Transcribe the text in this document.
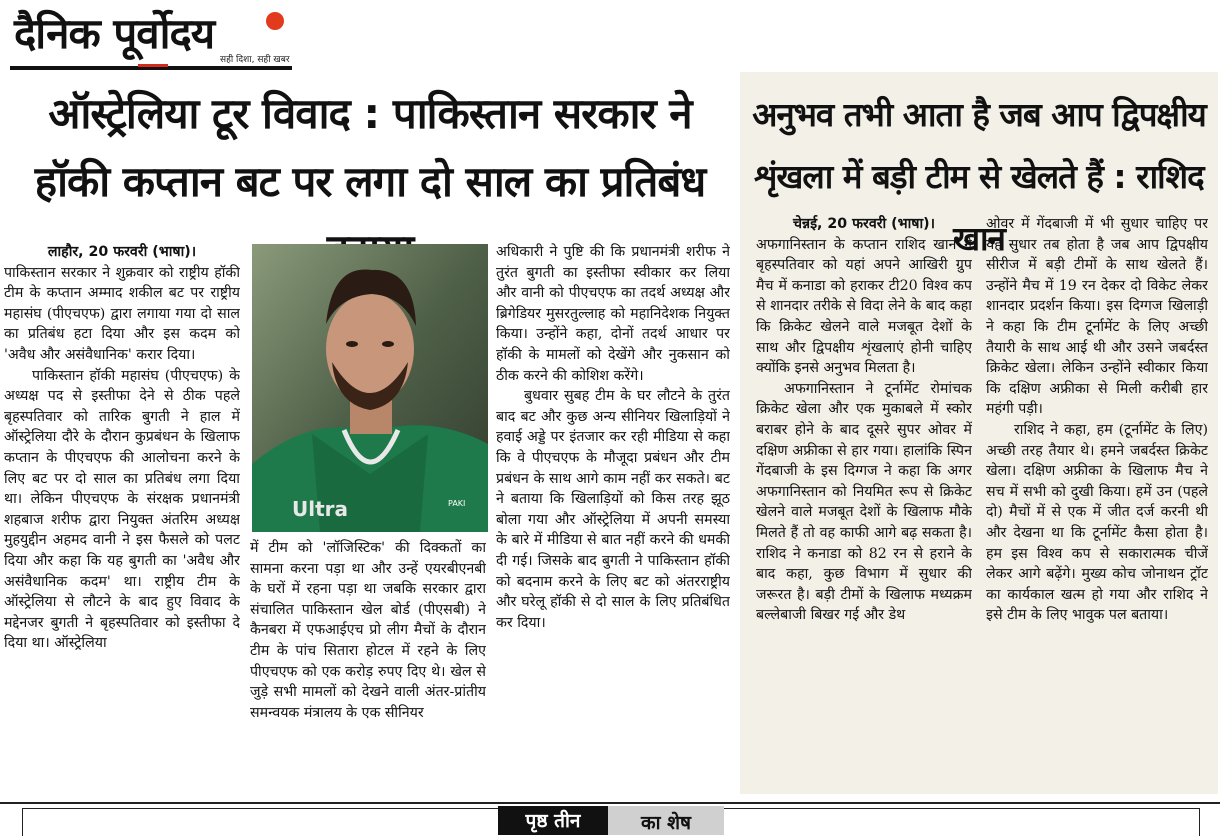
दैनिक पूर्वोदय
सही दिशा, सही खबर
ऑस्ट्रेलिया टूर विवाद : पाकिस्तान सरकार ने
हॉकी कप्तान बट पर लगा दो साल का प्रतिबंध

लाहौर, 20 फरवरी (भाषा)।

पाकिस्तान सरकार ने शुक्रवार को राष्ट्रीय हॉकी टीम के कप्तान अम्माद शकील बट पर राष्ट्रीय महासंघ (पीएचएफ) द्वारा लगाया गया दो साल का प्रतिबंध हटा दिया और इस कदम को 'अवैध और असंवैधानिक' करार दिया।

पाकिस्तान हॉकी महासंघ (पीएचएफ) के अध्यक्ष पद से इस्तीफा देने से ठीक पहले बृहस्पतिवार को तारिक बुगती ने हाल में ऑस्ट्रेलिया दौरे के दौरान कुप्रबंधन के खिलाफ कप्तान के पीएचएफ की आलोचना करने के लिए बट पर दो साल का प्रतिबंध लगा दिया था। लेकिन पीएचएफ के संरक्षक प्रधानमंत्री शहबाज शरीफ द्वारा नियुक्त अंतरिम अध्यक्ष मुहयुद्दीन अहमद वानी ने इस फैसले को पलट दिया और कहा कि यह बुगती का 'अवैध और असंवैधानिक कदम' था। राष्ट्रीय टीम के ऑस्ट्रेलिया से लौटने के बाद हुए विवाद के मद्देनजर बुगती ने बृहस्पतिवार को इस्तीफा दे दिया था। ऑस्ट्रेलिया

Ultra	PAKI

में टीम को 'लॉजिस्टिक' की दिक्कतों का सामना करना पड़ा था और उन्हें एयरबीएनबी के घरों में रहना पड़ा था जबकि सरकार द्वारा संचालित पाकिस्तान खेल बोर्ड (पीएसबी) ने कैनबरा में एफआईएच प्रो लीग मैचों के दौरान टीम के पांच सितारा होटल में रहने के लिए पीएचएफ को एक करोड़ रुपए दिए थे। खेल से जुड़े सभी मामलों को देखने वाली अंतर-प्रांतीय समन्वयक मंत्रालय के एक सीनियर

अधिकारी ने पुष्टि की कि प्रधानमंत्री शरीफ ने तुरंत बुगती का इस्तीफा स्वीकार कर लिया और वानी को पीएचएफ का तदर्थ अध्यक्ष और ब्रिगेडियर मुसरतुल्लाह को महानिदेशक नियुक्त किया। उन्होंने कहा, दोनों तदर्थ आधार पर हॉकी के मामलों को देखेंगे और नुकसान को ठीक करने की कोशिश करेंगे।

बुधवार सुबह टीम के घर लौटने के तुरंत बाद बट और कुछ अन्य सीनियर खिलाड़ियों ने हवाई अड्डे पर इंतजार कर रही मीडिया से कहा कि वे पीएचएफ के मौजूदा प्रबंधन और टीम प्रबंधन के साथ आगे काम नहीं कर सकते। बट ने बताया कि खिलाड़ियों को किस तरह झूठ बोला गया और ऑस्ट्रेलिया में अपनी समस्या के बारे में मीडिया से बात नहीं करने की धमकी दी गई। जिसके बाद बुगती ने पाकिस्तान हॉकी को बदनाम करने के लिए बट को अंतरराष्ट्रीय और घरेलू हॉकी से दो साल के लिए प्रतिबंधित कर दिया।

अनुभव तभी आता है जब आप द्विपक्षीय
शृंखला में बड़ी टीम से खेलते हैं : राशिद खान

चेन्नई, 20 फरवरी (भाषा)।

अफगानिस्तान के कप्तान राशिद खान ने बृहस्पतिवार को यहां अपने आखिरी ग्रुप मैच में कनाडा को हराकर टी20 विश्व कप से शानदार तरीके से विदा लेने के बाद कहा कि क्रिकेट खेलने वाले मजबूत देशों के साथ और द्विपक्षीय शृंखलाएं होनी चाहिए क्योंकि इनसे अनुभव मिलता है।

अफगानिस्तान ने टूर्नामेंट रोमांचक क्रिकेट खेला और एक मुकाबले में स्कोर बराबर होने के बाद दूसरे सुपर ओवर में दक्षिण अफ्रीका से हार गया। हालांकि स्पिन गेंदबाजी के इस दिग्गज ने कहा कि अगर अफगानिस्तान को नियमित रूप से क्रिकेट खेलने वाले मजबूत देशों के खिलाफ मौके मिलते हैं तो वह काफी आगे बढ़ सकता है। राशिद ने कनाडा को 82 रन से हराने के बाद कहा, कुछ विभाग में सुधार की जरूरत है। बड़ी टीमों के खिलाफ मध्यक्रम बल्लेबाजी बिखर गई और डेथ

ओवर में गेंदबाजी में भी सुधार चाहिए पर यह सुधार तब होता है जब आप द्विपक्षीय सीरीज में बड़ी टीमों के साथ खेलते हैं। उन्होंने मैच में 19 रन देकर दो विकेट लेकर शानदार प्रदर्शन किया। इस दिग्गज खिलाड़ी ने कहा कि टीम टूर्नामेंट के लिए अच्छी तैयारी के साथ आई थी और उसने जबर्दस्त क्रिकेट खेला। लेकिन उन्होंने स्वीकार किया कि दक्षिण अफ्रीका से मिली करीबी हार महंगी पड़ी।

राशिद ने कहा, हम (टूर्नामेंट के लिए) अच्छी तरह तैयार थे। हमने जबर्दस्त क्रिकेट खेला। दक्षिण अफ्रीका के खिलाफ मैच ने सच में सभी को दुखी किया। हमें उन (पहले दो) मैचों में से एक में जीत दर्ज करनी थी और देखना था कि टूर्नामेंट कैसा होता है। हम इस विश्व कप से सकारात्मक चीजें लेकर आगे बढ़ेंगे। मुख्य कोच जोनाथन ट्रॉट का कार्यकाल खत्म हो गया और राशिद ने इसे टीम के लिए भावुक पल बताया।

पृष्ठ तीन	का शेष
